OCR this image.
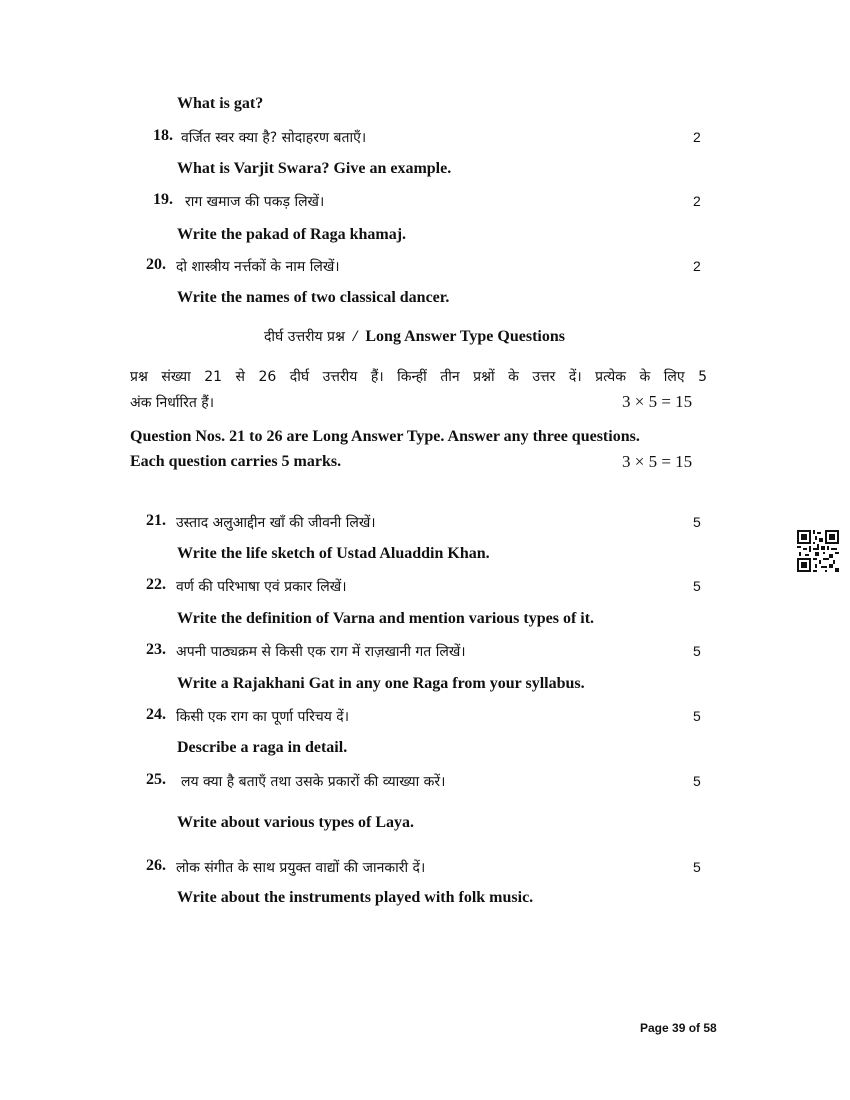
What is gat?
18. वर्जित स्वर क्या है? सोदाहरण बताएँ।	2
What is Varjit Swara? Give an example.
19. राग खमाज की पकड़ लिखें।	2
Write the pakad of Raga khamaj.
20. दो शास्त्रीय नर्त्तकों के नाम लिखें।	2
Write the names of two classical dancer.
दीर्घ उत्तरीय प्रश्न / Long Answer Type Questions
प्रश्न संख्या 21 से 26 दीर्घ उत्तरीय हैं। किन्हीं तीन प्रश्नों के उत्तर दें। प्रत्येक के लिए 5
अंक निर्धारित हैं।	3 × 5 = 15
Question Nos. 21 to 26 are Long Answer Type. Answer any three questions.
Each question carries 5 marks.	3 × 5 = 15
21. उस्ताद अलुआद्दीन खाँ की जीवनी लिखें।	5
Write the life sketch of Ustad Aluaddin Khan.
22. वर्ण की परिभाषा एवं प्रकार लिखें।	5
Write the definition of Varna and mention various types of it.
23. अपनी पाठ्यक्रम से किसी एक राग में राज़खानी गत लिखें।	5
Write a Rajakhani Gat in any one Raga from your syllabus.
24. किसी एक राग का पूर्णा परिचय दें।	5
Describe a raga in detail.
25. लय क्या है बताएँ तथा उसके प्रकारों की व्याख्या करें।	5
Write about various types of Laya.
26. लोक संगीत के साथ प्रयुक्त वाद्यों की जानकारी दें।	5
Write about the instruments played with folk music.
Page 39 of 58
